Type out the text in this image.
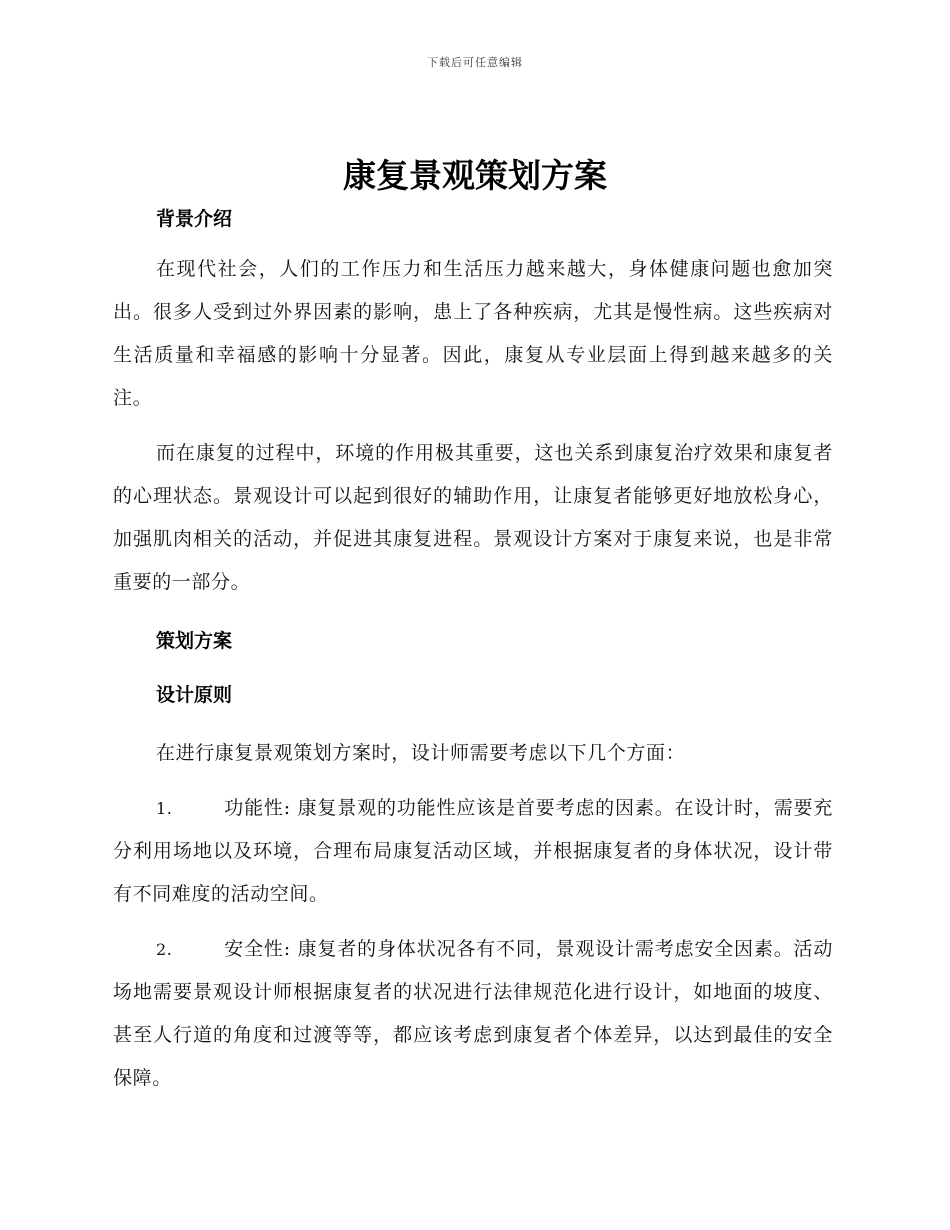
下载后可任意编辑
康复景观策划方案
背景介绍

在现代社会，人们的工作压力和生活压力越来越大，身体健康问题也愈加突出。很多人受到过外界因素的影响，患上了各种疾病，尤其是慢性病。这些疾病对生活质量和幸福感的影响十分显著。因此，康复从专业层面上得到越来越多的关注。

而在康复的过程中，环境的作用极其重要，这也关系到康复治疗效果和康复者的心理状态。景观设计可以起到很好的辅助作用，让康复者能够更好地放松身心，加强肌肉相关的活动，并促进其康复进程。景观设计方案对于康复来说，也是非常重要的一部分。

策划方案
设计原则

在进行康复景观策划方案时，设计师需要考虑以下几个方面：

1.	功能性: 康复景观的功能性应该是首要考虑的因素。在设计时，需要充分利用场地以及环境，合理布局康复活动区域，并根据康复者的身体状况，设计带有不同难度的活动空间。

2.	安全性: 康复者的身体状况各有不同，景观设计需考虑安全因素。活动场地需要景观设计师根据康复者的状况进行法律规范化进行设计，如地面的坡度、甚至人行道的角度和过渡等等，都应该考虑到康复者个体差异，以达到最佳的安全保障。
